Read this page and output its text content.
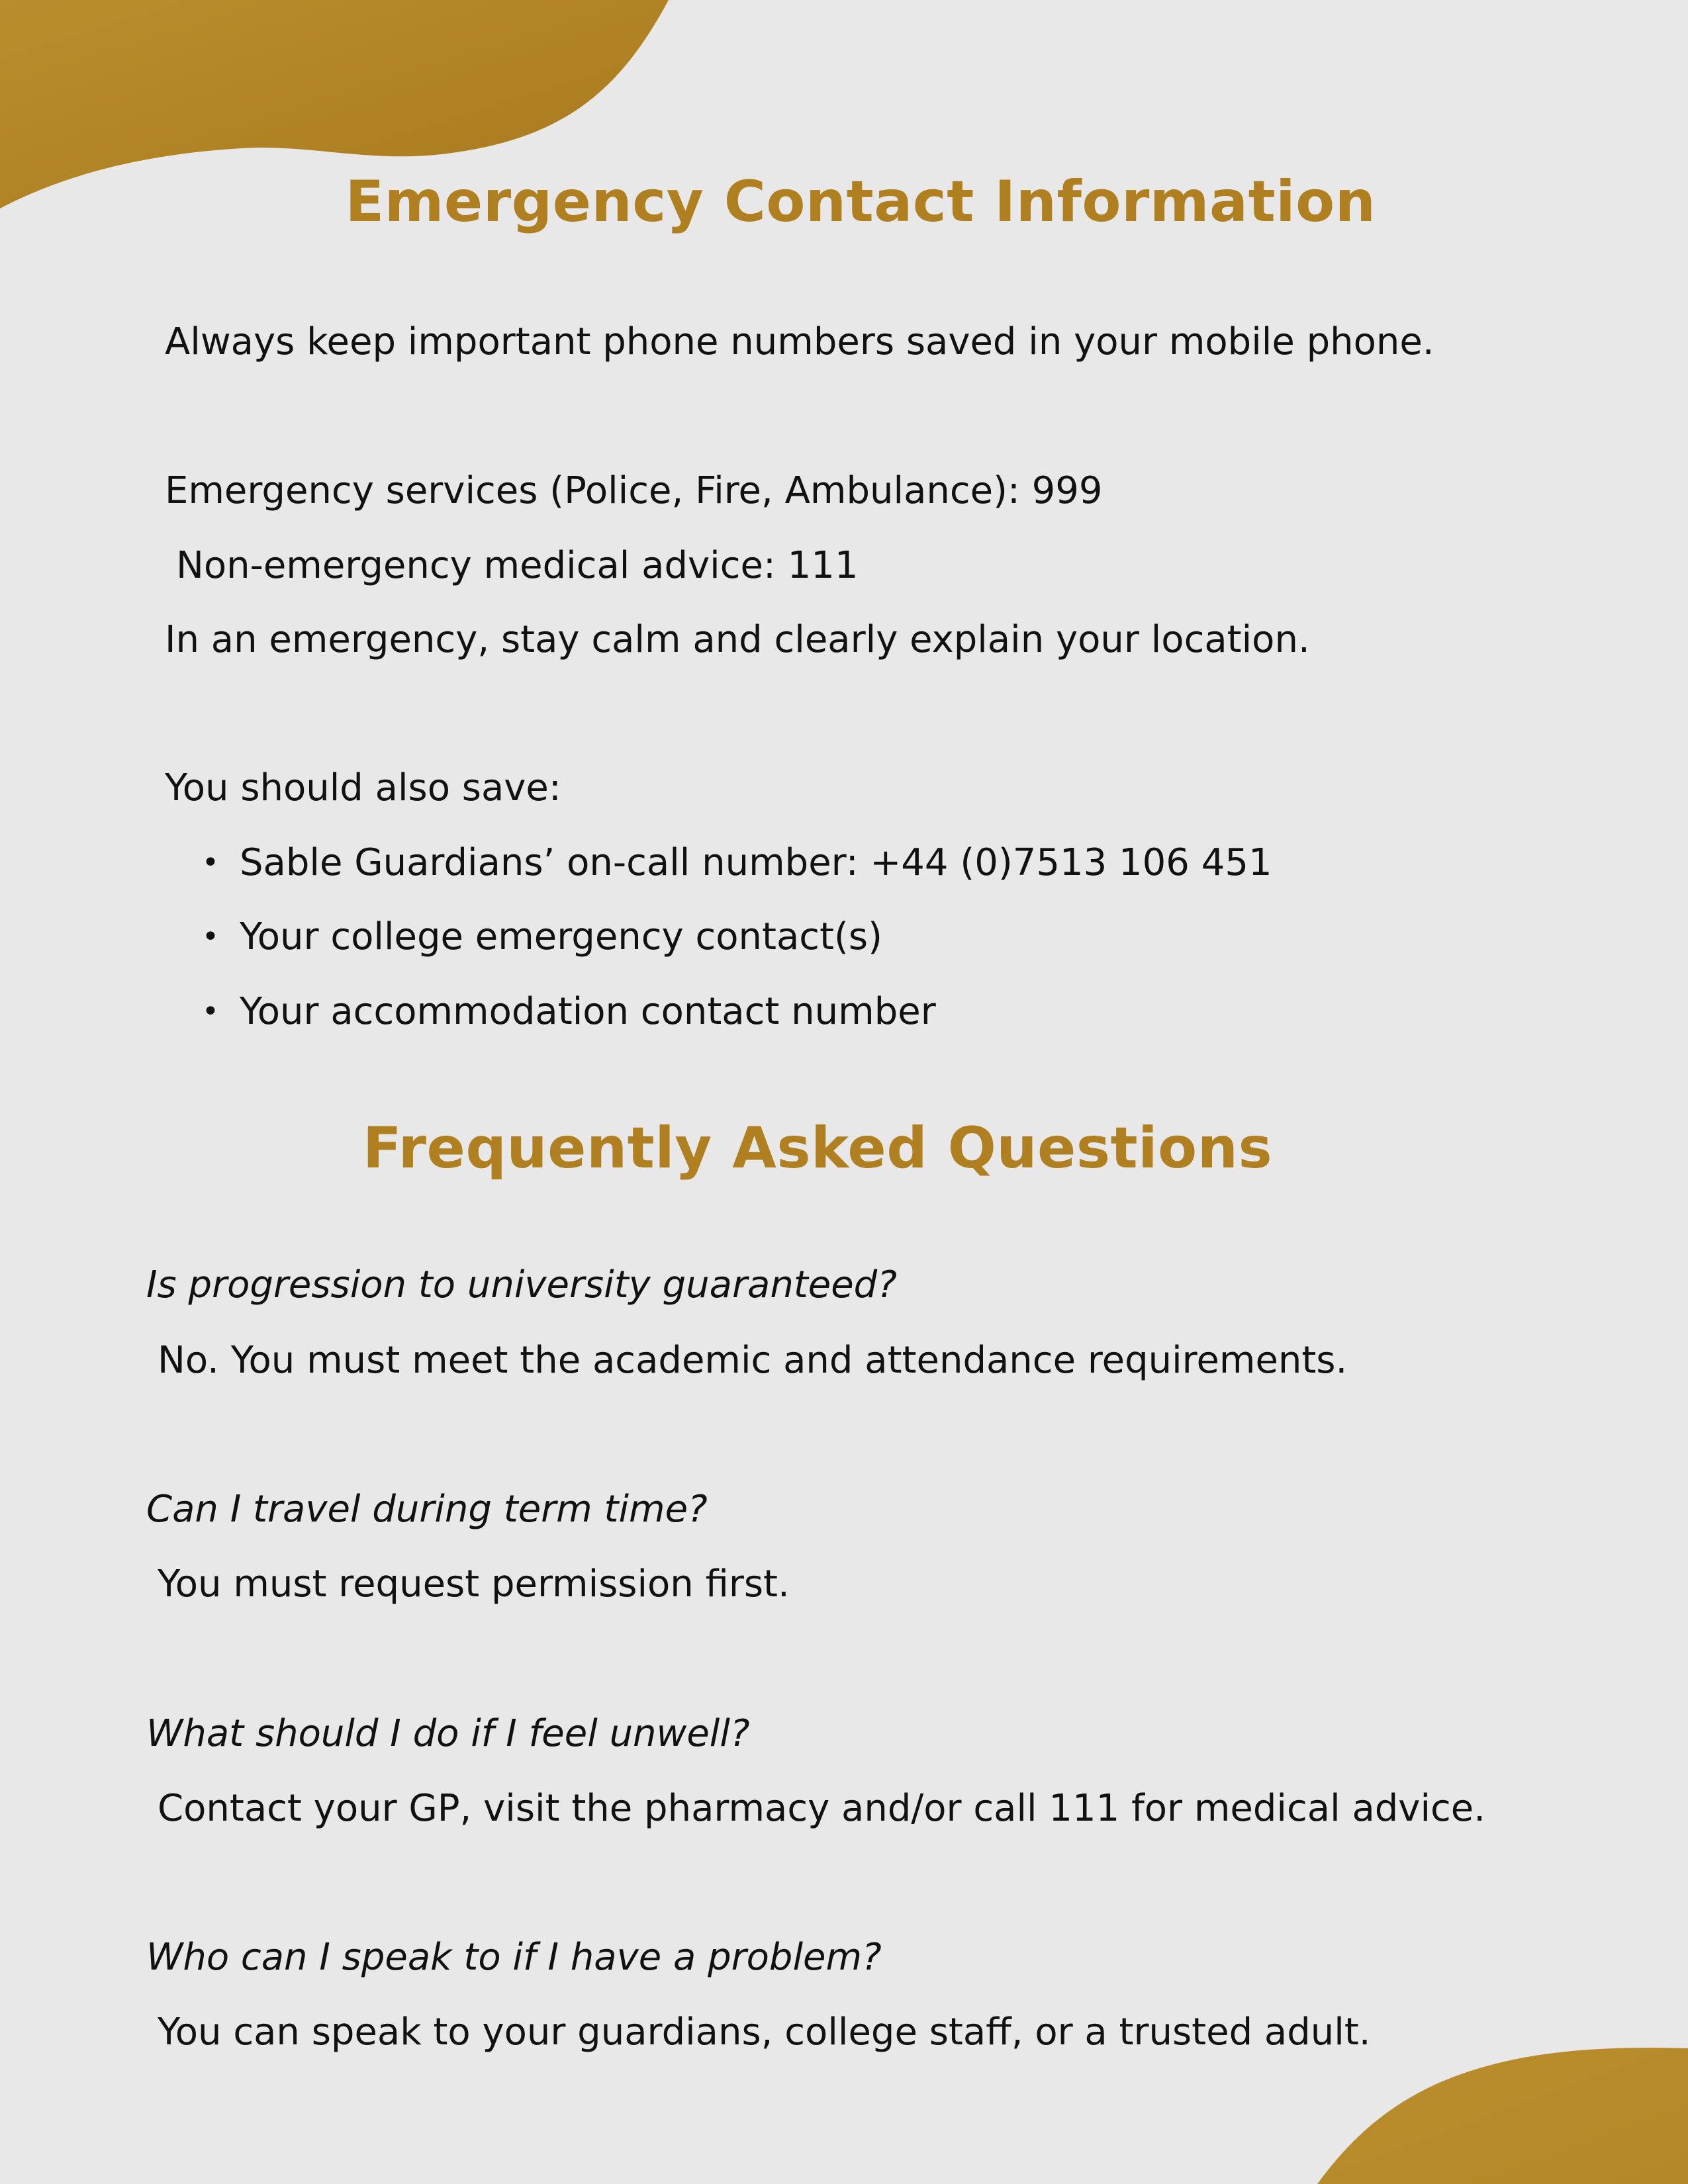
Emergency Contact Information
Always keep important phone numbers saved in your mobile phone.
Emergency services (Police, Fire, Ambulance): 999
Non-emergency medical advice: 111
In an emergency, stay calm and clearly explain your location.
You should also save:
Sable Guardians’ on-call number: +44 (0)7513 106 451
Your college emergency contact(s)
Your accommodation contact number
Frequently Asked Questions
Is progression to university guaranteed?
No. You must meet the academic and attendance requirements.
Can I travel during term time?
You must request permission first.
What should I do if I feel unwell?
Contact your GP, visit the pharmacy and/or call 111 for medical advice.
Who can I speak to if I have a problem?
You can speak to your guardians, college staff, or a trusted adult.
